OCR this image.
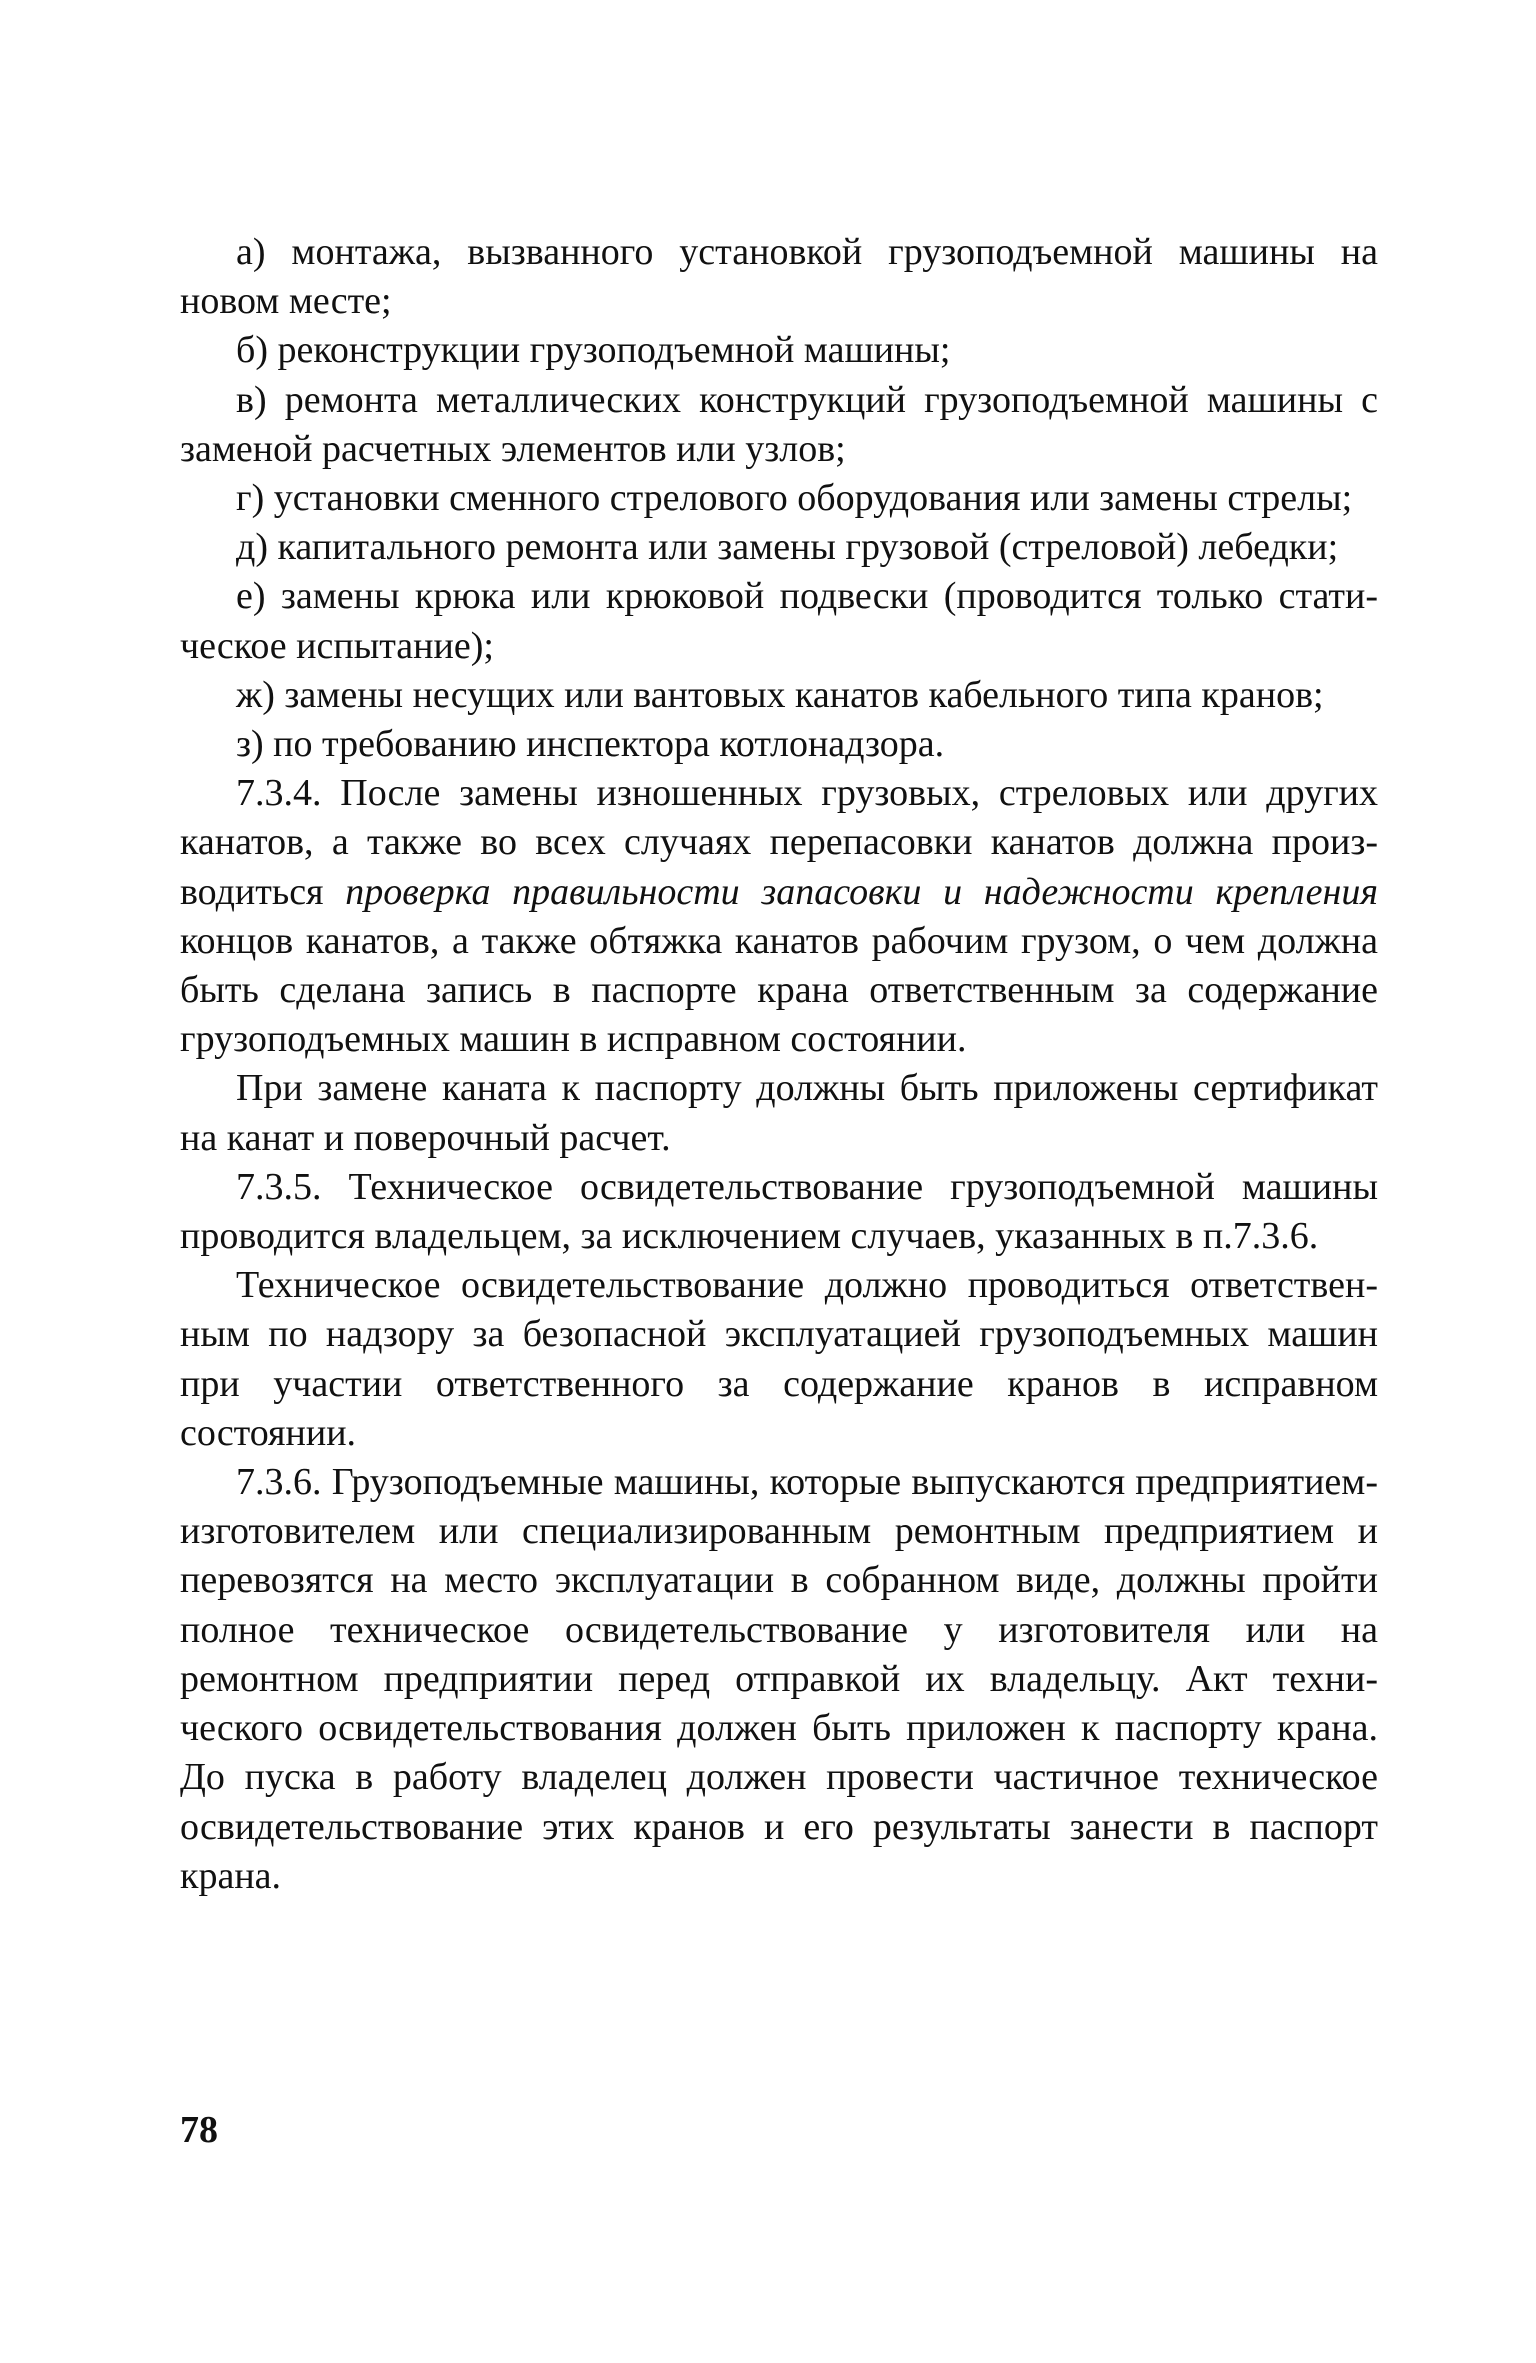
а) монтажа, вызванного установкой грузоподъемной машины на новом месте;

б) реконструкции грузоподъемной машины;

в) ремонта металлических конструкций грузоподъемной машины с заменой расчетных элементов или узлов;

г) установки сменного стрелового оборудования или замены стрелы;

д) капитального ремонта или замены грузовой (стреловой) лебедки;

е) замены крюка или крюковой подвески (проводится только статическое испытание);

ж) замены несущих или вантовых канатов кабельного типа кранов;

з) по требованию инспектора котлонадзора.

7.3.4. После замены изношенных грузовых, стреловых или других канатов, а также во всех случаях перепасовки канатов должна производиться проверка правильности запасовки и надежности крепления концов канатов, а также обтяжка канатов рабочим грузом, о чем должна быть сделана запись в паспорте крана ответственным за содержание грузоподъемных машин в исправном состоянии.

При замене каната к паспорту должны быть приложены сертификат на канат и поверочный расчет.

7.3.5. Техническое освидетельствование грузоподъемной машины проводится владельцем, за исключением случаев, указанных в п.7.3.6.

Техническое освидетельствование должно проводиться ответственным по надзору за безопасной эксплуатацией грузоподъемных машин при участии ответственного за содержание кранов в исправном состоянии.

7.3.6. Грузоподъемные машины, которые выпускаются предприятием-изготовителем или специализированным ремонтным предприятием и перевозятся на место эксплуатации в собранном виде, должны пройти полное техническое освидетельствование у изготовителя или на ремонтном предприятии перед отправкой их владельцу. Акт технического освидетельствования должен быть приложен к паспорту крана. До пуска в работу владелец должен провести частичное техническое освидетельствование этих кранов и его результаты занести в паспорт крана.

78
